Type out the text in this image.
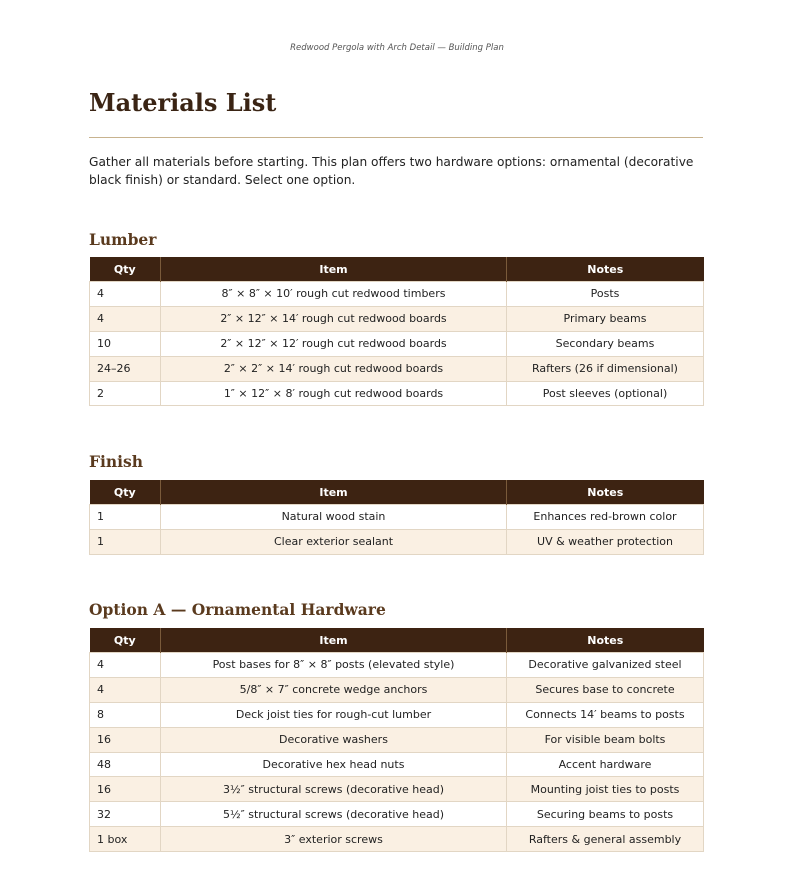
Redwood Pergola with Arch Detail — Building Plan
Materials List

Gather all materials before starting. This plan offers two hardware options: ornamental (decorative black finish) or standard. Select one option.

Lumber
Qty	Item	Notes
4	8″ × 8″ × 10′ rough cut redwood timbers	Posts
4	2″ × 12″ × 14′ rough cut redwood boards	Primary beams
10	2″ × 12″ × 12′ rough cut redwood boards	Secondary beams
24–26	2″ × 2″ × 14′ rough cut redwood boards	Rafters (26 if dimensional)
2	1″ × 12″ × 8′ rough cut redwood boards	Post sleeves (optional)
Finish
Qty	Item	Notes
1	Natural wood stain	Enhances red-brown color
1	Clear exterior sealant	UV & weather protection
Option A — Ornamental Hardware
Qty	Item	Notes
4	Post bases for 8″ × 8″ posts (elevated style)	Decorative galvanized steel
4	5/8″ × 7″ concrete wedge anchors	Secures base to concrete
8	Deck joist ties for rough-cut lumber	Connects 14′ beams to posts
16	Decorative washers	For visible beam bolts
48	Decorative hex head nuts	Accent hardware
16	3½″ structural screws (decorative head)	Mounting joist ties to posts
32	5½″ structural screws (decorative head)	Securing beams to posts
1 box	3″ exterior screws	Rafters & general assembly
